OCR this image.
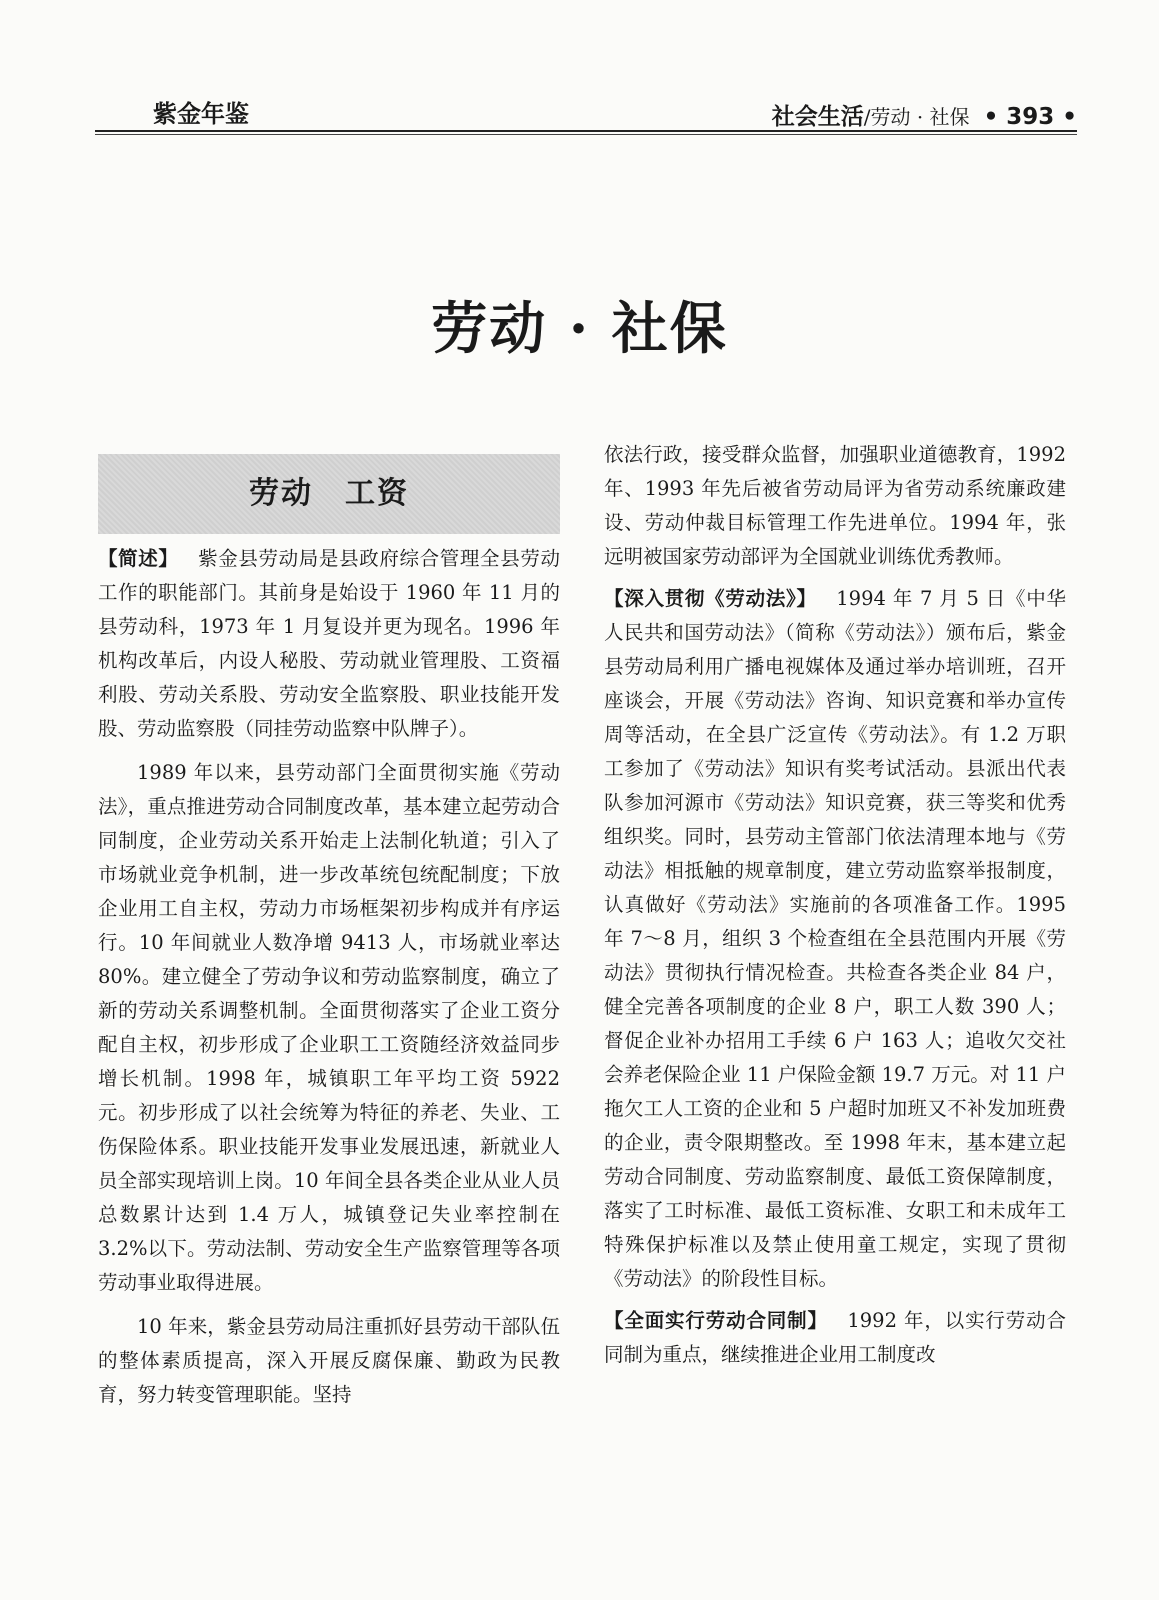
紫金年鉴	社会生活/劳动 · 社保 • 393 •
劳动 · 社保
劳动　工资

【简述】 紫金县劳动局是县政府综合管理全县劳动工作的职能部门。其前身是始设于 1960 年 11 月的县劳动科，1973 年 1 月复设并更为现名。1996 年机构改革后，内设人秘股、劳动就业管理股、工资福利股、劳动关系股、劳动安全监察股、职业技能开发股、劳动监察股（同挂劳动监察中队牌子）。

1989 年以来，县劳动部门全面贯彻实施《劳动法》，重点推进劳动合同制度改革，基本建立起劳动合同制度，企业劳动关系开始走上法制化轨道；引入了市场就业竞争机制，进一步改革统包统配制度；下放企业用工自主权，劳动力市场框架初步构成并有序运行。10 年间就业人数净增 9413 人，市场就业率达 80%。建立健全了劳动争议和劳动监察制度，确立了新的劳动关系调整机制。全面贯彻落实了企业工资分配自主权，初步形成了企业职工工资随经济效益同步增长机制。1998 年，城镇职工年平均工资 5922 元。初步形成了以社会统筹为特征的养老、失业、工伤保险体系。职业技能开发事业发展迅速，新就业人员全部实现培训上岗。10 年间全县各类企业从业人员总数累计达到 1.4 万人，城镇登记失业率控制在 3.2%以下。劳动法制、劳动安全生产监察管理等各项劳动事业取得进展。

10 年来，紫金县劳动局注重抓好县劳动干部队伍的整体素质提高，深入开展反腐保廉、勤政为民教育，努力转变管理职能。坚持

依法行政，接受群众监督，加强职业道德教育，1992 年、1993 年先后被省劳动局评为省劳动系统廉政建设、劳动仲裁目标管理工作先进单位。1994 年，张远明被国家劳动部评为全国就业训练优秀教师。

【深入贯彻《劳动法》】 1994 年 7 月 5 日《中华人民共和国劳动法》（简称《劳动法》）颁布后，紫金县劳动局利用广播电视媒体及通过举办培训班，召开座谈会，开展《劳动法》咨询、知识竞赛和举办宣传周等活动，在全县广泛宣传《劳动法》。有 1.2 万职工参加了《劳动法》知识有奖考试活动。县派出代表队参加河源市《劳动法》知识竞赛，获三等奖和优秀组织奖。同时，县劳动主管部门依法清理本地与《劳动法》相抵触的规章制度，建立劳动监察举报制度，认真做好《劳动法》实施前的各项准备工作。1995 年 7～8 月，组织 3 个检查组在全县范围内开展《劳动法》贯彻执行情况检查。共检查各类企业 84 户，健全完善各项制度的企业 8 户，职工人数 390 人；督促企业补办招用工手续 6 户 163 人；追收欠交社会养老保险企业 11 户保险金额 19.7 万元。对 11 户拖欠工人工资的企业和 5 户超时加班又不补发加班费的企业，责令限期整改。至 1998 年末，基本建立起劳动合同制度、劳动监察制度、最低工资保障制度，落实了工时标准、最低工资标准、女职工和未成年工特殊保护标准以及禁止使用童工规定，实现了贯彻《劳动法》的阶段性目标。

【全面实行劳动合同制】 1992 年，以实行劳动合同制为重点，继续推进企业用工制度改
